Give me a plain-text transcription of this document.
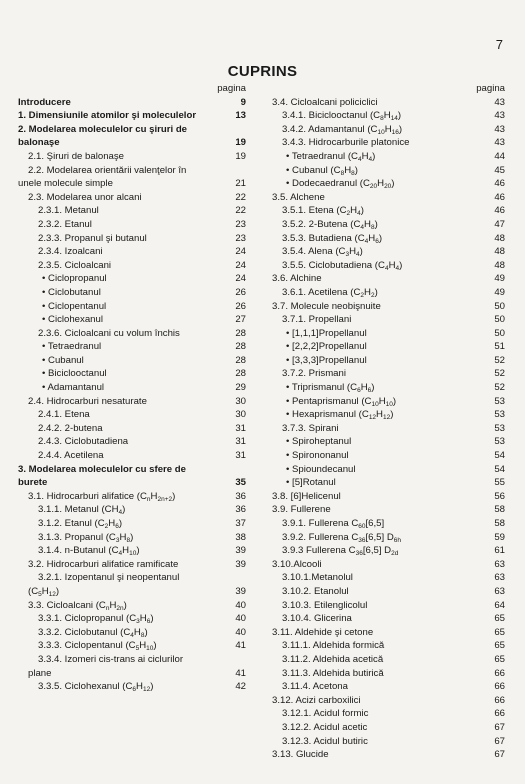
7
CUPRINS
pagina
Introducere	9
1. Dimensiunile atomilor şi moleculelor	13
2. Modelarea moleculelor cu şiruri de
balonaşe	19
2.1. Şiruri de balonaşe	19
2.2. Modelarea orientării valenţelor în
unele molecule simple	21
2.3. Modelarea unor alcani	22
2.3.1. Metanul	22
2.3.2. Etanul	23
2.3.3. Propanul şi butanul	23
2.3.4. Izoalcani	24
2.3.5. Cicloalcani	24
• Ciclopropanul	24
• Ciclobutanul	26
• Ciclopentanul	26
• Ciclohexanul	27
2.3.6. Cicloalcani cu volum închis	28
• Tetraedranul	28
• Cubanul	28
• Biciclooctanul	28
• Adamantanul	29
2.4. Hidrocarburi nesaturate	30
2.4.1. Etena	30
2.4.2. 2-butena	31
2.4.3. Ciclobutadiena	31
2.4.4. Acetilena	31
3. Modelarea moleculelor cu sfere de
burete	35
3.1. Hidrocarburi alifatice $(C_nH_{2n+2})$	36
3.1.1. Metanul $(CH_4)$	36
3.1.2. Etanul $(C_2H_6)$	37
3.1.3. Propanul $(C_3H_8)$	38
3.1.4. n-Butanul $(C_4H_{10})$	39
3.2. Hidrocarburi alifatice ramificate	39
3.2.1. Izopentanul şi neopentanul
$(C_5H_{12})$	39
3.3. Cicloalcani $(C_nH_{2n})$	40
3.3.1. Ciclopropanul $(C_3H_6)$	40
3.3.2. Ciclobutanul $(C_4H_8)$	40
3.3.3. Ciclopentanul $(C_5H_{10})$	41
3.3.4. Izomeri cis-trans ai ciclurilor
plane	41
3.3.5. Ciclohexanul $(C_6H_{12})$	42
pagina
3.4. Cicloalcani policiclici	43
3.4.1. Biciclooctanul $(C_8H_{14})$	43
3.4.2. Adamantanul $(C_{10}H_{16})$	43
3.4.3. Hidrocarburile platonice	43
• Tetraedranul $(C_4H_4)$	44
• Cubanul $(C_8H_8)$	45
• Dodecaedranul $(C_{20}H_{20})$	46
3.5. Alchene	46
3.5.1. Etena $(C_2H_4)$	46
3.5.2. 2-Butena $(C_4H_8)$	47
3.5.3. Butadiena $(C_4H_6)$	48
3.5.4. Alena $(C_3H_4)$	48
3.5.5. Ciclobutadiena $(C_4H_4)$	48
3.6. Alchine	49
3.6.1. Acetilena $(C_2H_2)$	49
3.7. Molecule neobişnuite	50
3.7.1. Propellani	50
• [1,1,1]Propellanul	50
• [2,2,2]Propellanul	51
• [3,3,3]Propellanul	52
3.7.2. Prismani	52
• Triprismanul $(C_6H_6)$	52
• Pentaprismanul $(C_{10}H_{10})$	53
• Hexaprismanul $(C_{12}H_{12})$	53
3.7.3. Spirani	53
• Spiroheptanul	53
• Spirononanul	54
• Spioundecanul	54
• [5]Rotanul	55
3.8. [6]Helicenul	56
3.9. Fullerene	58
3.9.1. Fullerena $C_{60}[6,5]$	58
3.9.2. Fullerena $C_{36}[6,5]$ $D_{6h}$	59
3.9.3 Fullerena $C_{36}[6,5]$ $D_{2d}$	61
3.10.Alcooli	63
3.10.1.Metanolul	63
3.10.2. Etanolul	63
3.10.3. Etilenglicolul	64
3.10.4. Glicerina	65
3.11. Aldehide şi cetone	65
3.11.1. Aldehida formică	65
3.11.2. Aldehida acetică	65
3.11.3. Aldehida butirică	66
3.11.4. Acetona	66
3.12. Acizi carboxilici	66
3.12.1. Acidul formic	66
3.12.2. Acidul acetic	67
3.12.3. Acidul butiric	67
3.13. Glucide	67
